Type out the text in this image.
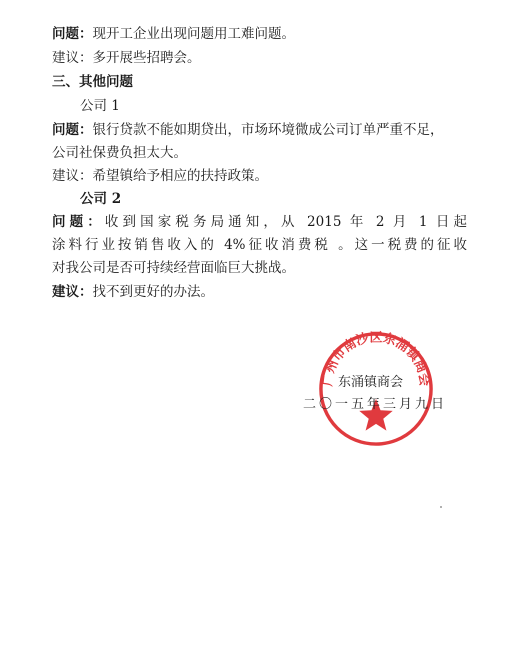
问题：现开工企业出现问题用工难问题。
建议：多开展些招聘会。
三、其他问题
公司 1
问题：银行贷款不能如期贷出，市场环境微成公司订单严重不足，
公司社保费负担太大。
建议：希望镇给予相应的扶持政策。
公司 2
问题：收到国家税务局通知，从 2015 年 2 月 1 日起
涂料行业按销售收入的 4%征收消费税 。这一税费的征收
对我公司是否可持续经营面临巨大挑战。
建议：找不到更好的办法。
广州市南沙区东涌镇商会
东涌镇商会
二〇一五年三月九日
